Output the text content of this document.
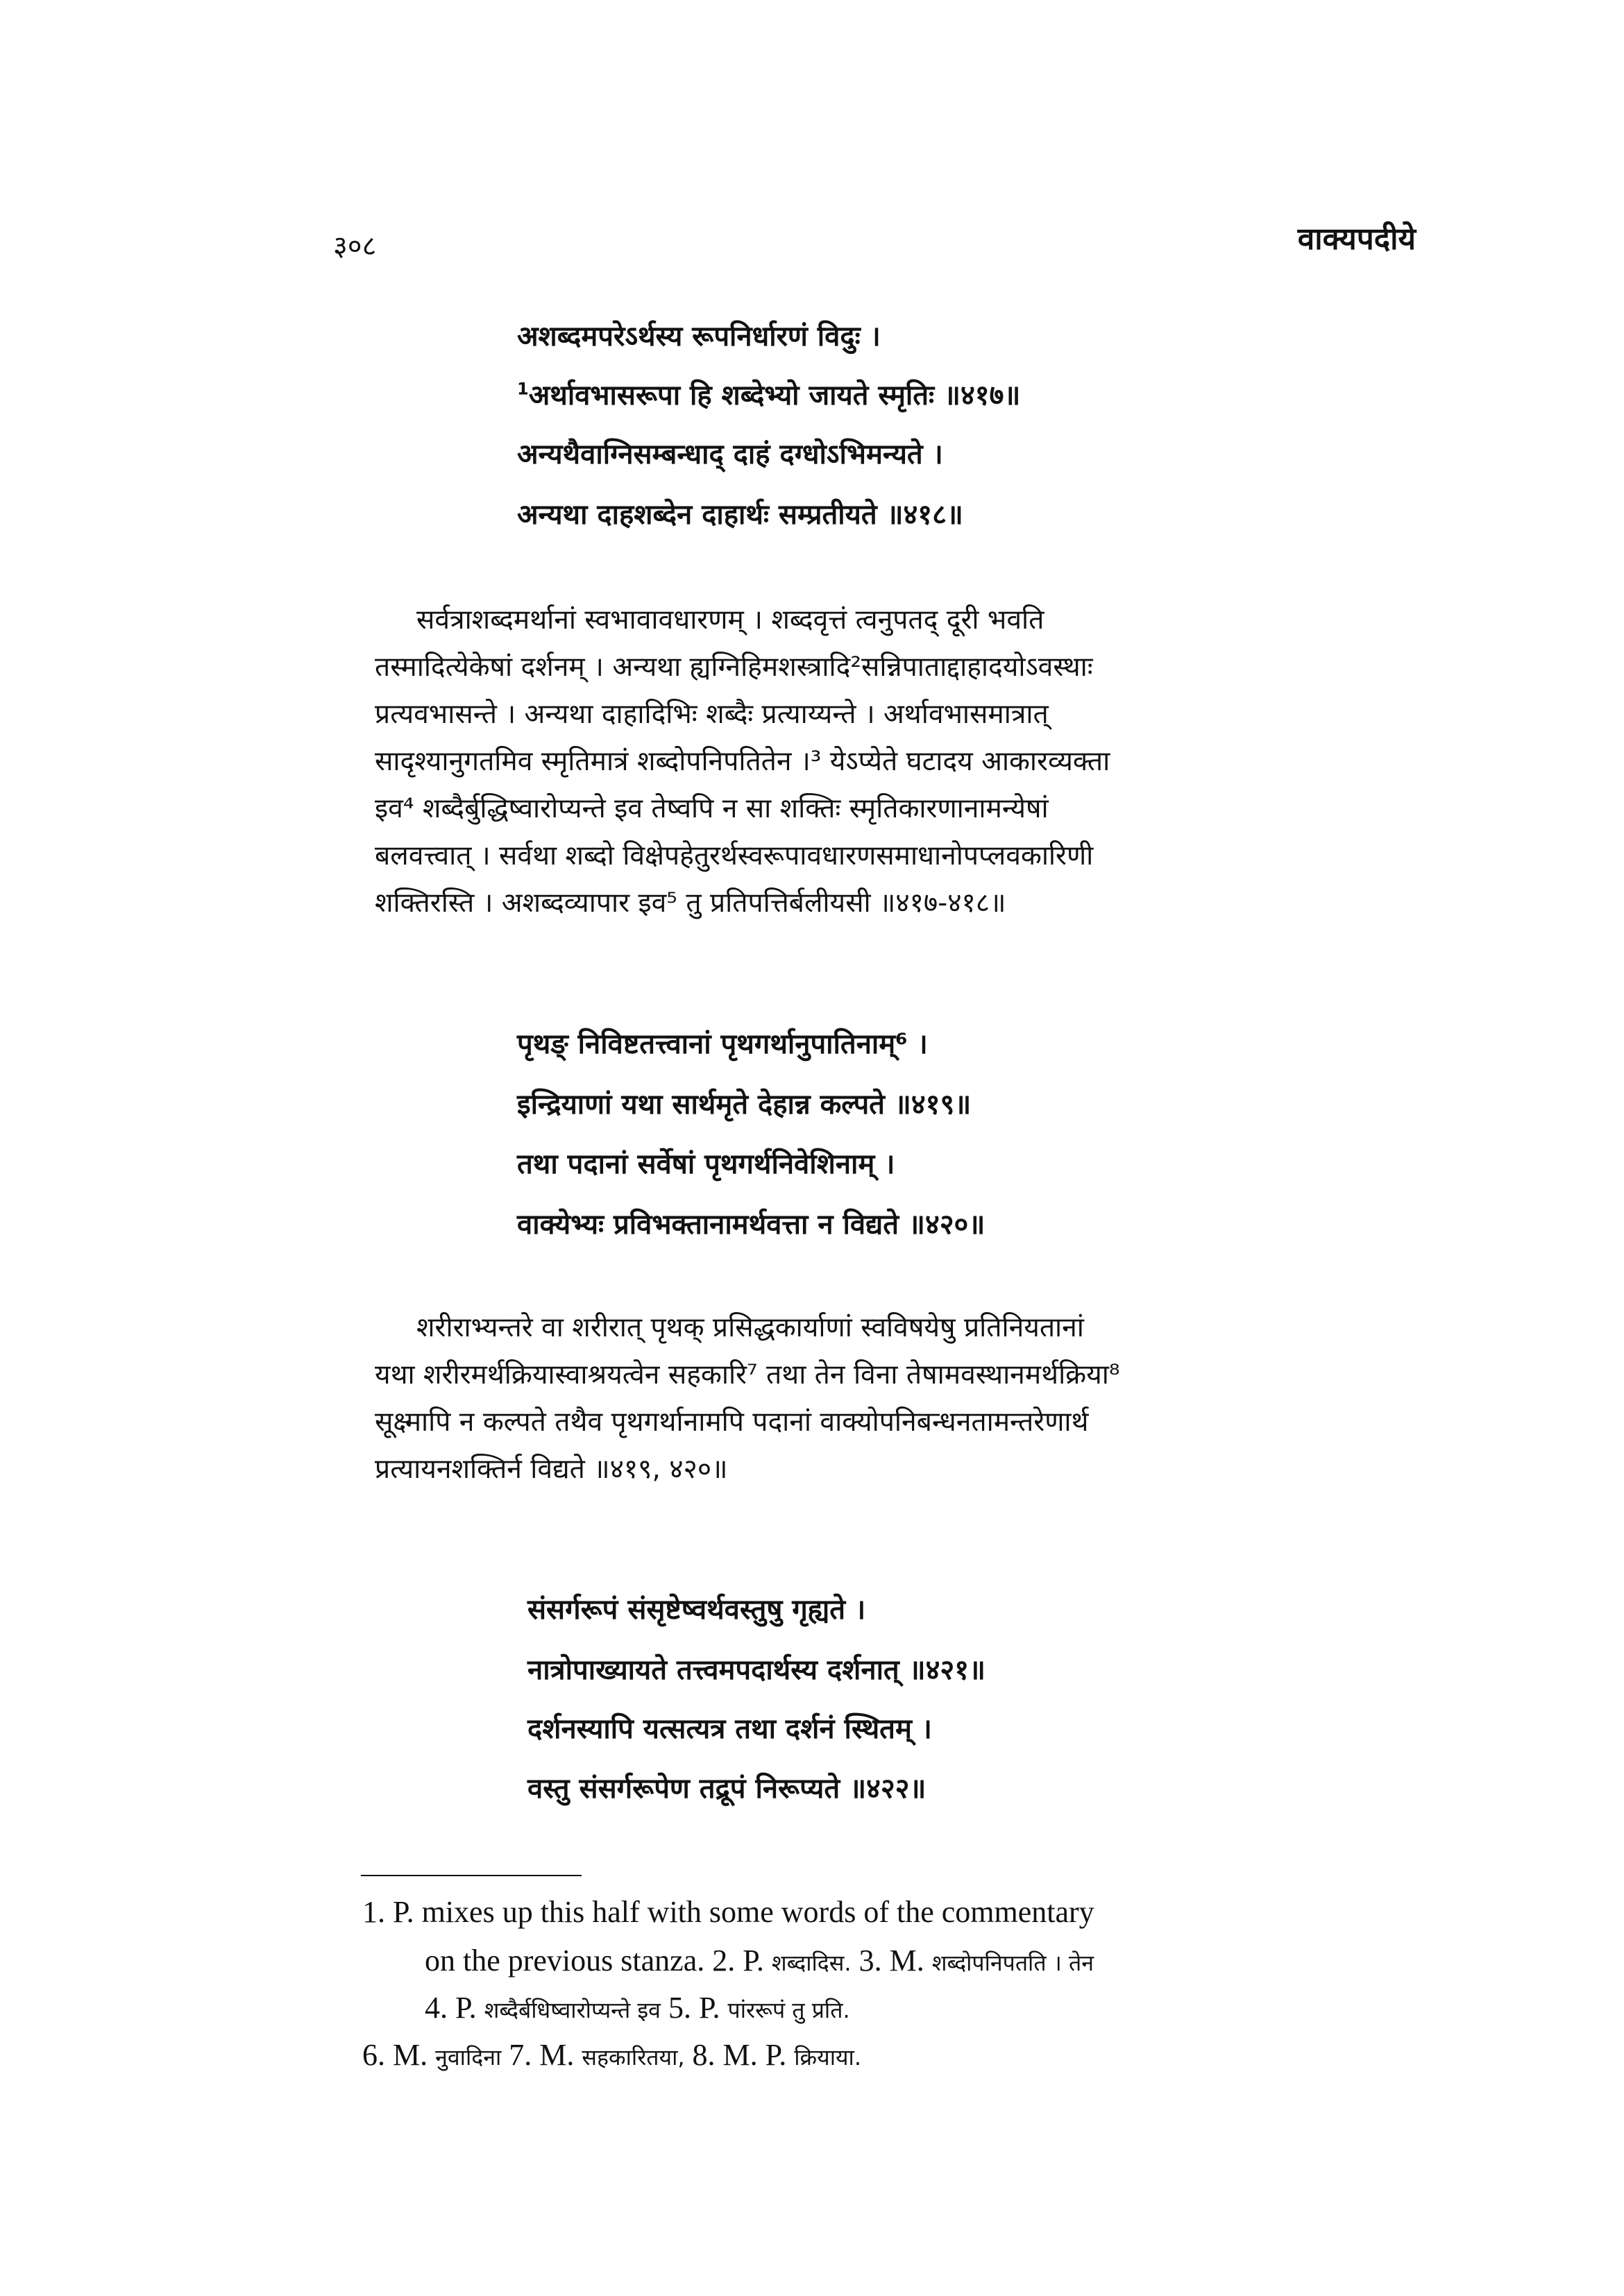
३०८	वाक्यपदीये
अशब्दमपरेऽर्थस्य रूपनिर्धारणं विदुः ।
$^1$अर्थावभासरूपा हि शब्देभ्यो जायते स्मृतिः ॥४१७॥
अन्यथैवाग्निसम्बन्धाद् दाहं दग्धोऽभिमन्यते ।
अन्यथा दाहशब्देन दाहार्थः सम्प्रतीयते ॥४१८॥
सर्वत्राशब्दमर्थानां स्वभावावधारणम् । शब्दवृत्तं त्वनुपतद् दूरी भवति
तस्मादित्येकेषां दर्शनम् । अन्यथा ह्यग्निहिमशस्त्रादि²सन्निपाताद्दाहादयोऽवस्थाः
प्रत्यवभासन्ते । अन्यथा दाहादिभिः शब्दैः प्रत्याय्यन्ते । अर्थावभासमात्रात्
सादृश्यानुगतमिव स्मृतिमात्रं शब्दोपनिपतितेन ।³ येऽप्येते घटादय आकारव्यक्ता
इव⁴ शब्दैर्बुद्धिष्वारोप्यन्ते इव तेष्वपि न सा शक्तिः स्मृतिकारणानामन्येषां
बलवत्त्वात् । सर्वथा शब्दो विक्षेपहेतुरर्थस्वरूपावधारणसमाधानोपप्लवकारिणी
शक्तिरस्ति । अशब्दव्यापार इव⁵ तु प्रतिपत्तिर्बलीयसी ॥४१७-४१८॥
पृथङ् निविष्टतत्त्वानां पृथगर्थानुपातिनाम्⁶ ।
इन्द्रियाणां यथा सार्थमृते देहान्न कल्पते ॥४१९॥
तथा पदानां सर्वेषां पृथगर्थनिवेशिनाम् ।
वाक्येभ्यः प्रविभक्तानामर्थवत्ता न विद्यते ॥४२०॥
शरीराभ्यन्तरे वा शरीरात् पृथक् प्रसिद्धकार्याणां स्वविषयेषु प्रतिनियतानां
यथा शरीरमर्थक्रियास्वाश्रयत्वेन सहकारि⁷ तथा तेन विना तेषामवस्थानमर्थक्रिया⁸
सूक्ष्मापि न कल्पते तथैव पृथगर्थानामपि पदानां वाक्योपनिबन्धनतामन्तरेणार्थ
प्रत्यायनशक्तिर्न विद्यते ॥४१९, ४२०॥
संसर्गरूपं संसृष्टेष्वर्थवस्तुषु गृह्यते ।
नात्रोपाख्यायते तत्त्वमपदार्थस्य दर्शनात् ॥४२१॥
दर्शनस्यापि यत्सत्यत्र तथा दर्शनं स्थितम् ।
वस्तु संसर्गरूपेण तद्रूपं निरूप्यते ॥४२२॥
1. P. mixes up this half with some words of the commentary
on the previous stanza. 2. P. शब्दादिस. 3. M. शब्दोपनिपतति । तेन
4. P. शब्दैर्बधिष्वारोप्यन्ते इव 5. P. पांररूपं तु प्रति.
6. M. नुवादिना 7. M. सहकारितया, 8. M. P. क्रियाया.
